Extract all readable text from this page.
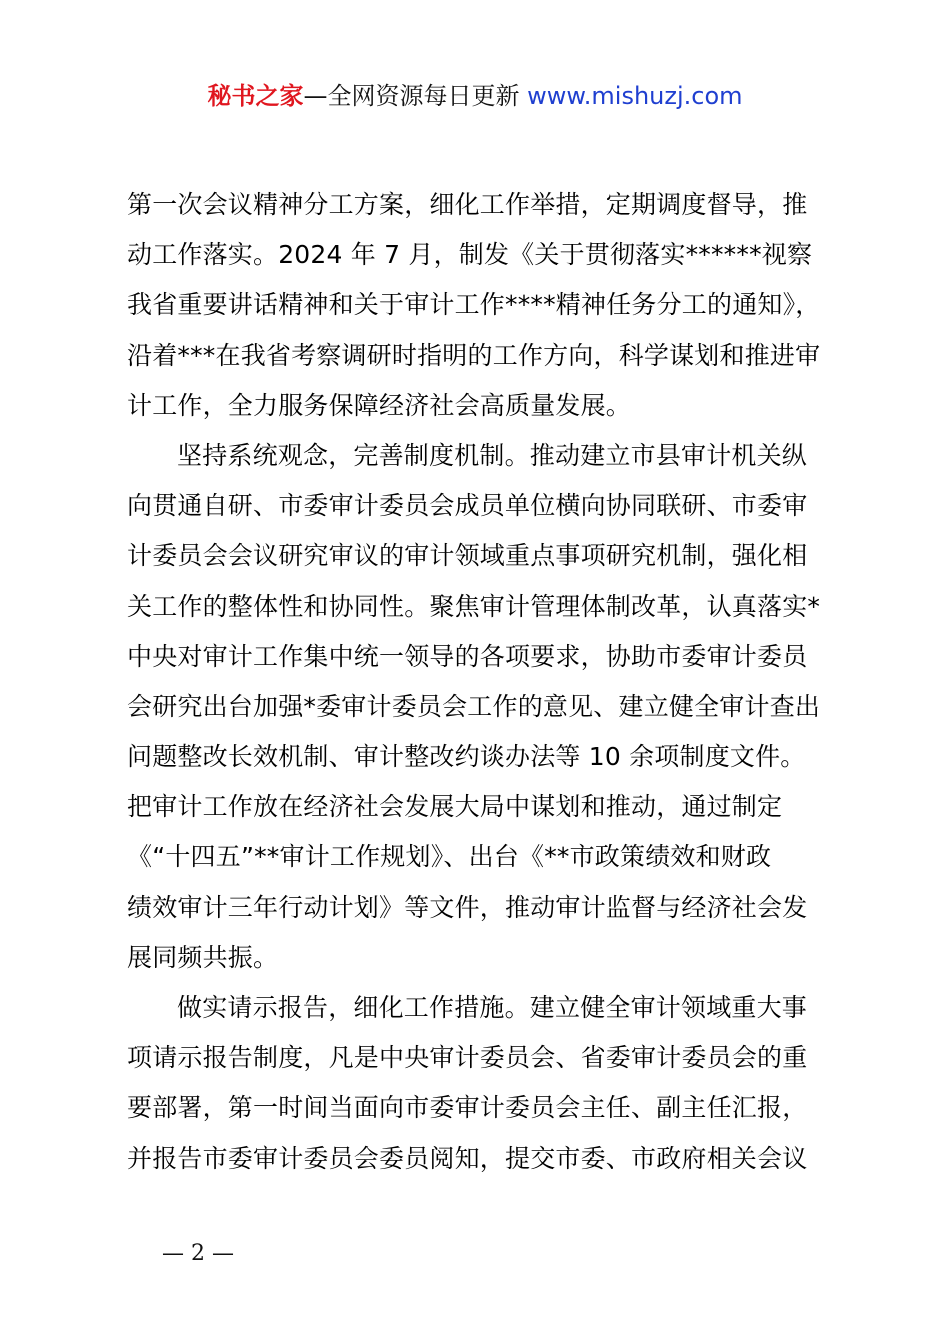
秘书之家—全网资源每日更新 www.mishuzj.com

第一次会议精神分工方案，细化工作举措，定期调度督导，推
动工作落实。2024 年 7 月，制发《关于贯彻落实******视察
我省重要讲话精神和关于审计工作****精神任务分工的通知》，
沿着***在我省考察调研时指明的工作方向，科学谋划和推进审
计工作，全力服务保障经济社会高质量发展。

坚持系统观念，完善制度机制。推动建立市县审计机关纵
向贯通自研、市委审计委员会成员单位横向协同联研、市委审
计委员会会议研究审议的审计领域重点事项研究机制，强化相
关工作的整体性和协同性。聚焦审计管理体制改革，认真落实*
中央对审计工作集中统一领导的各项要求，协助市委审计委员
会研究出台加强*委审计委员会工作的意见、建立健全审计查出
问题整改长效机制、审计整改约谈办法等 10 余项制度文件。
把审计工作放在经济社会发展大局中谋划和推动，通过制定
《“十四五”**审计工作规划》、出台《**市政策绩效和财政
绩效审计三年行动计划》等文件，推动审计监督与经济社会发
展同频共振。

做实请示报告，细化工作措施。建立健全审计领域重大事
项请示报告制度，凡是中央审计委员会、省委审计委员会的重
要部署，第一时间当面向市委审计委员会主任、副主任汇报，
并报告市委审计委员会委员阅知，提交市委、市政府相关会议

— 2 —
